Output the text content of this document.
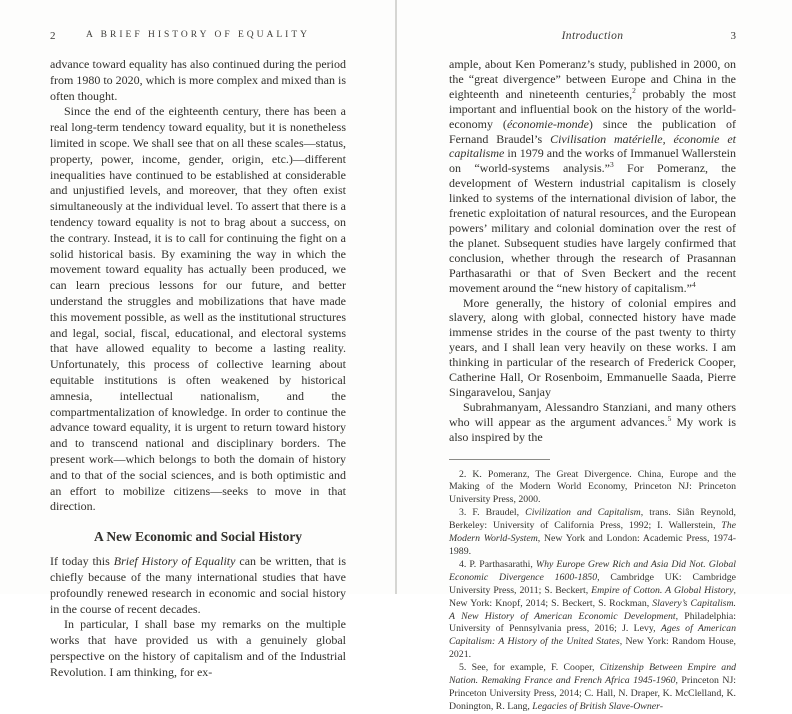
2	A BRIEF HISTORY OF EQUALITY

advance toward equality has also continued during the period from 1980 to 2020, which is more complex and mixed than is often thought.

Since the end of the eighteenth century, there has been a real long-term tendency toward equality, but it is nonetheless limited in scope. We shall see that on all these scales—status, property, power, income, gender, origin, etc.)—different inequalities have continued to be established at considerable and unjustified levels, and moreover, that they often exist simultaneously at the individual level. To assert that there is a tendency toward equality is not to brag about a success, on the contrary. Instead, it is to call for continuing the fight on a solid historical basis. By examining the way in which the movement toward equality has actually been produced, we can learn precious lessons for our future, and better understand the struggles and mobilizations that have made this movement possible, as well as the institutional structures and legal, social, fiscal, educational, and electoral systems that have allowed equality to become a lasting reality. Unfortunately, this process of collective learning about equitable institutions is often weakened by historical amnesia, intellectual nationalism, and the compartmentalization of knowledge. In order to continue the advance toward equality, it is urgent to return toward history and to transcend national and disciplinary borders. The present work—which belongs to both the domain of history and to that of the social sciences, and is both optimistic and an effort to mobilize citizens—seeks to move in that direction.

A New Economic and Social History

If today this Brief History of Equality can be written, that is chiefly because of the many international studies that have profoundly renewed research in economic and social history in the course of recent decades.

In particular, I shall base my remarks on the multiple works that have provided us with a genuinely global perspective on the history of capitalism and of the Industrial Revolution. I am thinking, for ex-

3
Introduction

ample, about Ken Pomeranz’s study, published in 2000, on the “great divergence” between Europe and China in the eighteenth and nineteenth centuries,$^2$ probably the most important and influential book on the history of the world-economy (économie-monde) since the publication of Fernand Braudel’s Civilisation matérielle, économie et capitalisme in 1979 and the works of Immanuel Wallerstein on “world-systems analysis.”$^3$ For Pomeranz, the development of Western industrial capitalism is closely linked to systems of the international division of labor, the frenetic exploitation of natural resources, and the European powers’ military and colonial domination over the rest of the planet. Subsequent studies have largely confirmed that conclusion, whether through the research of Prasannan Parthasarathi or that of Sven Beckert and the recent movement around the “new history of capitalism.”$^4$

More generally, the history of colonial empires and slavery, along with global, connected history have made immense strides in the course of the past twenty to thirty years, and I shall lean very heavily on these works. I am thinking in particular of the research of Frederick Cooper, Catherine Hall, Or Rosenboim, Emmanuelle Saada, Pierre Singaravelou, Sanjay

Subrahmanyam, Alessandro Stanziani, and many others who will appear as the argument advances.$^5$ My work is also inspired by the

2. K. Pomeranz, The Great Divergence. China, Europe and the Making of the Modern World Economy, Princeton NJ: Princeton University Press, 2000.

3. F. Braudel, Civilization and Capitalism, trans. Siân Reynold, Berkeley: University of California Press, 1992; I. Wallerstein, The Modern World-System, New York and London: Academic Press, 1974-1989.

4. P. Parthasarathi, Why Europe Grew Rich and Asia Did Not. Global Economic Divergence 1600-1850, Cambridge UK: Cambridge University Press, 2011; S. Beckert, Empire of Cotton. A Global History, New York: Knopf, 2014; S. Beckert, S. Rockman, Slavery’s Capitalism. A New History of American Economic Development, Philadelphia: University of Pennsylvania press, 2016; J. Levy, Ages of American Capitalism: A History of the United States, New York: Random House, 2021.

5. See, for example, F. Cooper, Citizenship Between Empire and Nation. Remaking France and French Africa 1945-1960, Princeton NJ: Princeton University Press, 2014; C. Hall, N. Draper, K. McClelland, K. Donington, R. Lang, Legacies of British Slave-Owner-
